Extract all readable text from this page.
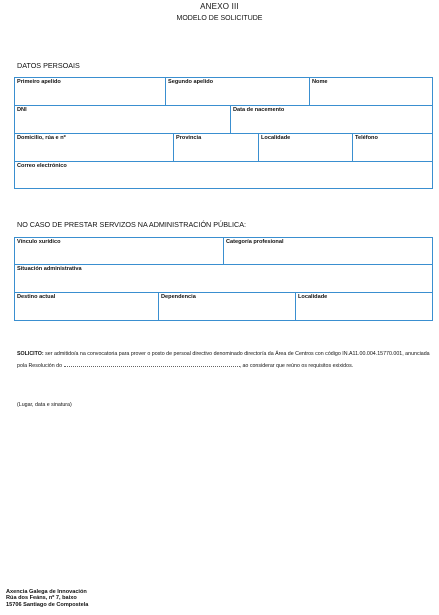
ANEXO III
MODELO DE SOLICITUDE
DATOS PERSOAIS
Primeiro apelido	Segundo apelido	Nome
DNI	Data de nacemento
Domicilio, rúa e nº	Provincia	Localidade	Teléfono
Correo electrónico
NO CASO DE PRESTAR SERVIZOS NA ADMINISTRACIÓN PÚBLICA:
Vínculo xurídico	Categoría profesional
Situación administrativa
Destino actual	Dependencia	Localidade
SOLICITO: ser admitido/a na convocatoria para prover o posto de persoal directivo denominado director/a da Área de Centros con código IN.A11.00.004.15770.001, anunciada pola Resolución do	, ao considerar que reúno os requisitos exixidos.
(Lugar, data e sinatura)
Axencia Galega de Innovación
Rúa dos Feáns, nº 7, baixo
15706 Santiago de Compostela
